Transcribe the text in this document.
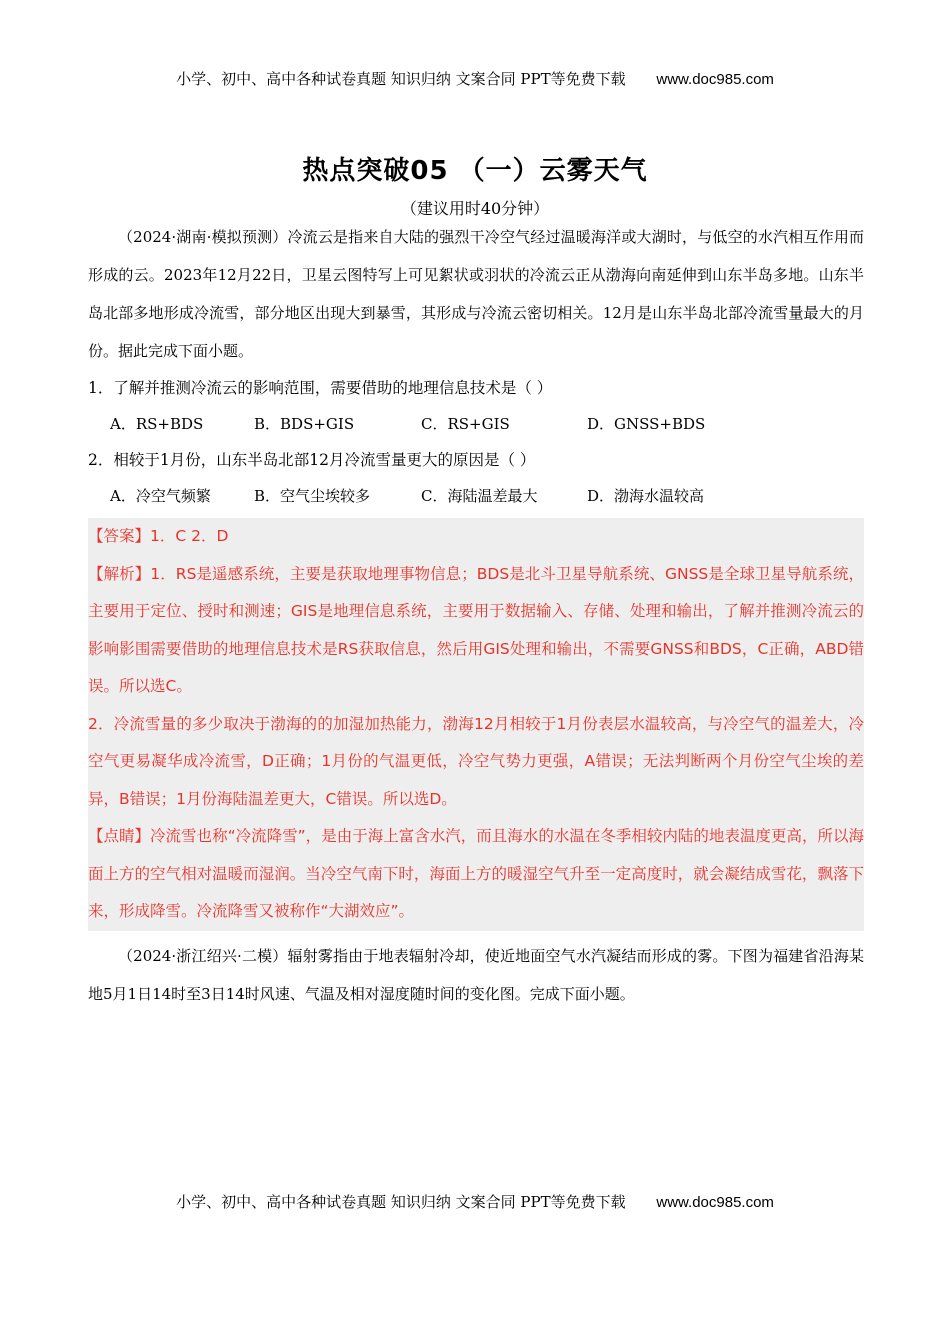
小学、初中、高中各种试卷真题 知识归纳 文案合同 PPT等免费下载 www.doc985.com
热点突破05 （一）云雾天气
（建议用时40分钟）

（2024·湖南·模拟预测）冷流云是指来自大陆的强烈干冷空气经过温暖海洋或大湖时，与低空的水汽相互作用而形成的云。2023年12月22日，卫星云图特写上可见絮状或羽状的冷流云正从渤海向南延伸到山东半岛多地。山东半岛北部多地形成冷流雪，部分地区出现大到暴雪，其形成与冷流云密切相关。12月是山东半岛北部冷流雪量最大的月份。据此完成下面小题。

1．了解并推测冷流云的影响范围，需要借助的地理信息技术是（ ）

A．RS+BDS	B．BDS+GIS	C．RS+GIS	D．GNSS+BDS

2．相较于1月份，山东半岛北部12月冷流雪量更大的原因是（ ）

A．冷空气频繁	B．空气尘埃较多	C．海陆温差最大	D．渤海水温较高

【答案】1．C 2．D

【解析】1．RS是遥感系统，主要是获取地理事物信息；BDS是北斗卫星导航系统、GNSS是全球卫星导航系统，主要用于定位、授时和测速；GIS是地理信息系统，主要用于数据输入、存储、处理和输出，了解并推测冷流云的影响影围需要借助的地理信息技术是RS获取信息，然后用GIS处理和输出，不需要GNSS和BDS，C正确，ABD错误。所以选C。

2．冷流雪量的多少取决于渤海的的加湿加热能力，渤海12月相较于1月份表层水温较高，与冷空气的温差大，冷空气更易凝华成冷流雪，D正确；1月份的气温更低，冷空气势力更强，A错误；无法判断两个月份空气尘埃的差异，B错误；1月份海陆温差更大，C错误。所以选D。

【点睛】冷流雪也称“冷流降雪”，是由于海上富含水汽，而且海水的水温在冬季相较内陆的地表温度更高，所以海面上方的空气相对温暖而湿润。当冷空气南下时，海面上方的暖湿空气升至一定高度时，就会凝结成雪花，飘落下来，形成降雪。冷流降雪又被称作“大湖效应”。

（2024·浙江绍兴·二模）辐射雾指由于地表辐射冷却，使近地面空气水汽凝结而形成的雾。下图为福建省沿海某地5月1日14时至3日14时风速、气温及相对湿度随时间的变化图。完成下面小题。

小学、初中、高中各种试卷真题 知识归纳 文案合同 PPT等免费下载 www.doc985.com
